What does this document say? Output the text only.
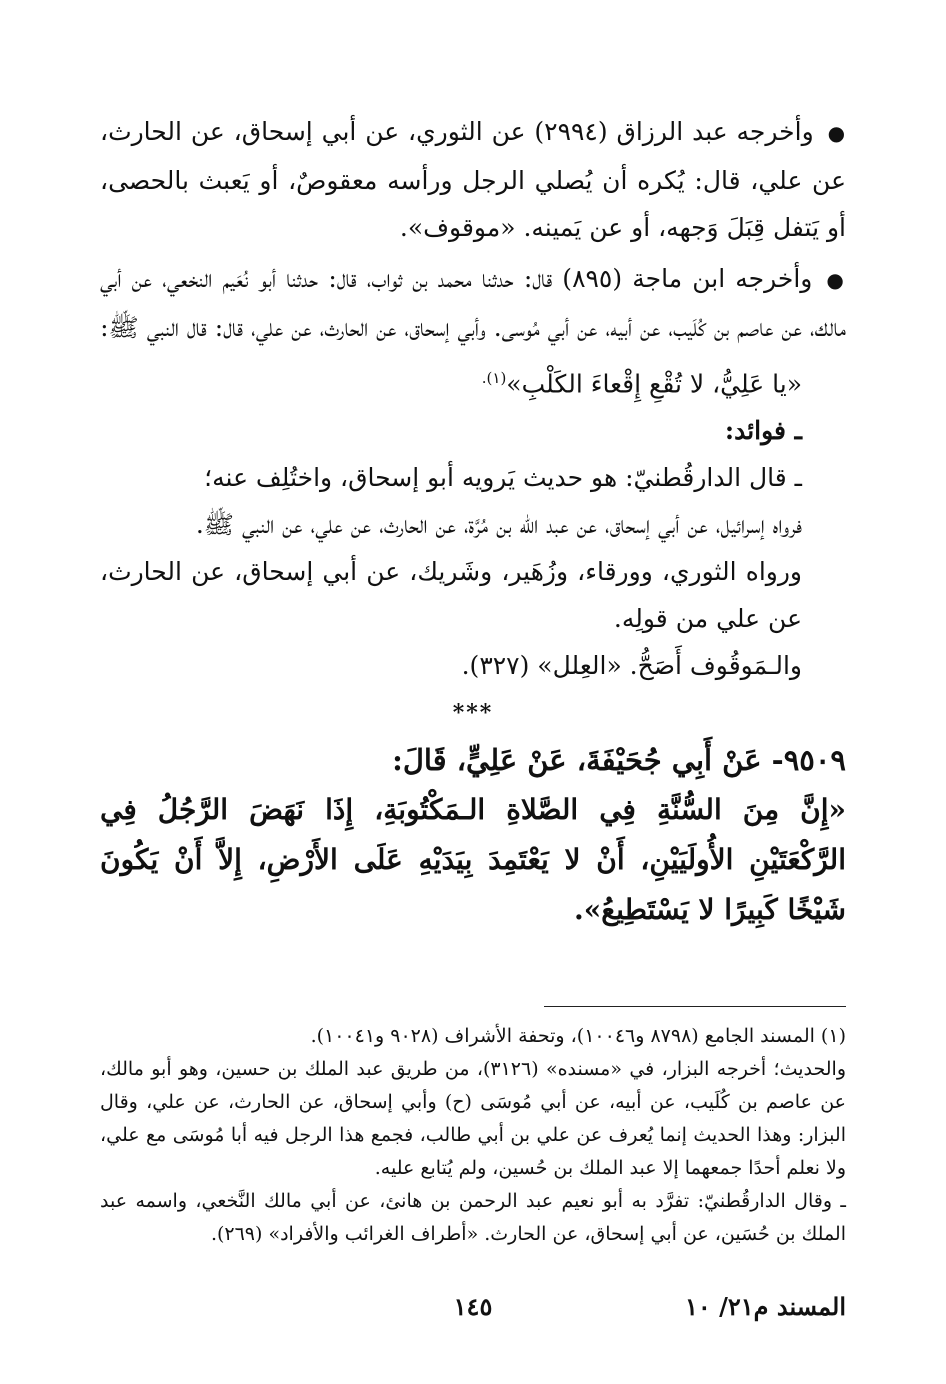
●وأخرجه عبد الرزاق (٢٩٩٤) عن الثوري، عن أبي إسحاق، عن الحارث، عن علي، قال: يُكره أن يُصلي الرجل ورأسه معقوصٌ، أو يَعبث بالحصى، أو يَتفل قِبَلَ وَجهه، أو عن يَمينه. «موقوف».

●وأخرجه ابن ماجة (٨٩٥) قال: حدثنا محمد بن ثواب، قال: حدثنا أبو نُعَيم النخعي، عن أبي مالك، عن عاصم بن كُلَيب، عن أبيه، عن أبي مُوسى. وأبي إسحاق، عن الحارث، عن علي، قال: قال النبي ﷺ:

«يا عَلِيُّ، لا تُقْعِ إِقْعاءَ الكَلْبِ»$^{(١).}$

ـ فوائد:

ـ قال الدارقُطنيّ: هو حديث يَرويه أبو إسحاق، واختُلِف عنه؛

فرواه إسرائيل، عن أبي إسحاق، عن عبد الله بن مُرَّة، عن الحارث، عن علي، عن النبي ﷺ.

ورواه الثوري، وورقاء، وزُهَير، وشَريك، عن أبي إسحاق، عن الحارث، عن علي من قولِه.

والـمَوقُوف أَصَحُّ. «العِلل» (٣٢٧).

***

٩٥٠٩- عَنْ أَبِي جُحَيْفَةَ، عَنْ عَلِيٍّ، قَالَ:

«إِنَّ مِنَ السُّنَّةِ فِي الصَّلاةِ الـمَكْتُوبَةِ، إِذَا نَهَضَ الرَّجُلُ فِي الرَّكْعَتَيْنِ الأُولَيَيْنِ، أَنْ لا يَعْتَمِدَ بِيَدَيْهِ عَلَى الأَرْضِ، إِلاَّ أَنْ يَكُونَ شَيْخًا كَبِيرًا لا يَسْتَطِيعُ».

(١) المسند الجامع (٨٧٩٨ و١٠٠٤٦)، وتحفة الأشراف (٩٠٢٨ و١٠٠٤١).

والحديث؛ أخرجه البزار، في «مسنده» (٣١٢٦)، من طريق عبد الملك بن حسين، وهو أبو مالك، عن عاصم بن كُلَيب، عن أبيه، عن أبي مُوسَى (ح) وأبي إسحاق، عن الحارث، عن علي، وقال البزار: وهذا الحديث إنما يُعرف عن علي بن أبي طالب، فجمع هذا الرجل فيه أبا مُوسَى مع علي، ولا نعلم أحدًا جمعهما إلا عبد الملك بن حُسين، ولم يُتابع عليه.

ـ وقال الدارقُطنيّ: تفرَّد به أبو نعيم عبد الرحمن بن هانئ، عن أبي مالك النَّخعي، واسمه عبد الملك بن حُسَين، عن أبي إسحاق، عن الحارث. «أطراف الغرائب والأفراد» (٢٦٩).

المسند م٢١/ ١٠
١٤٥
